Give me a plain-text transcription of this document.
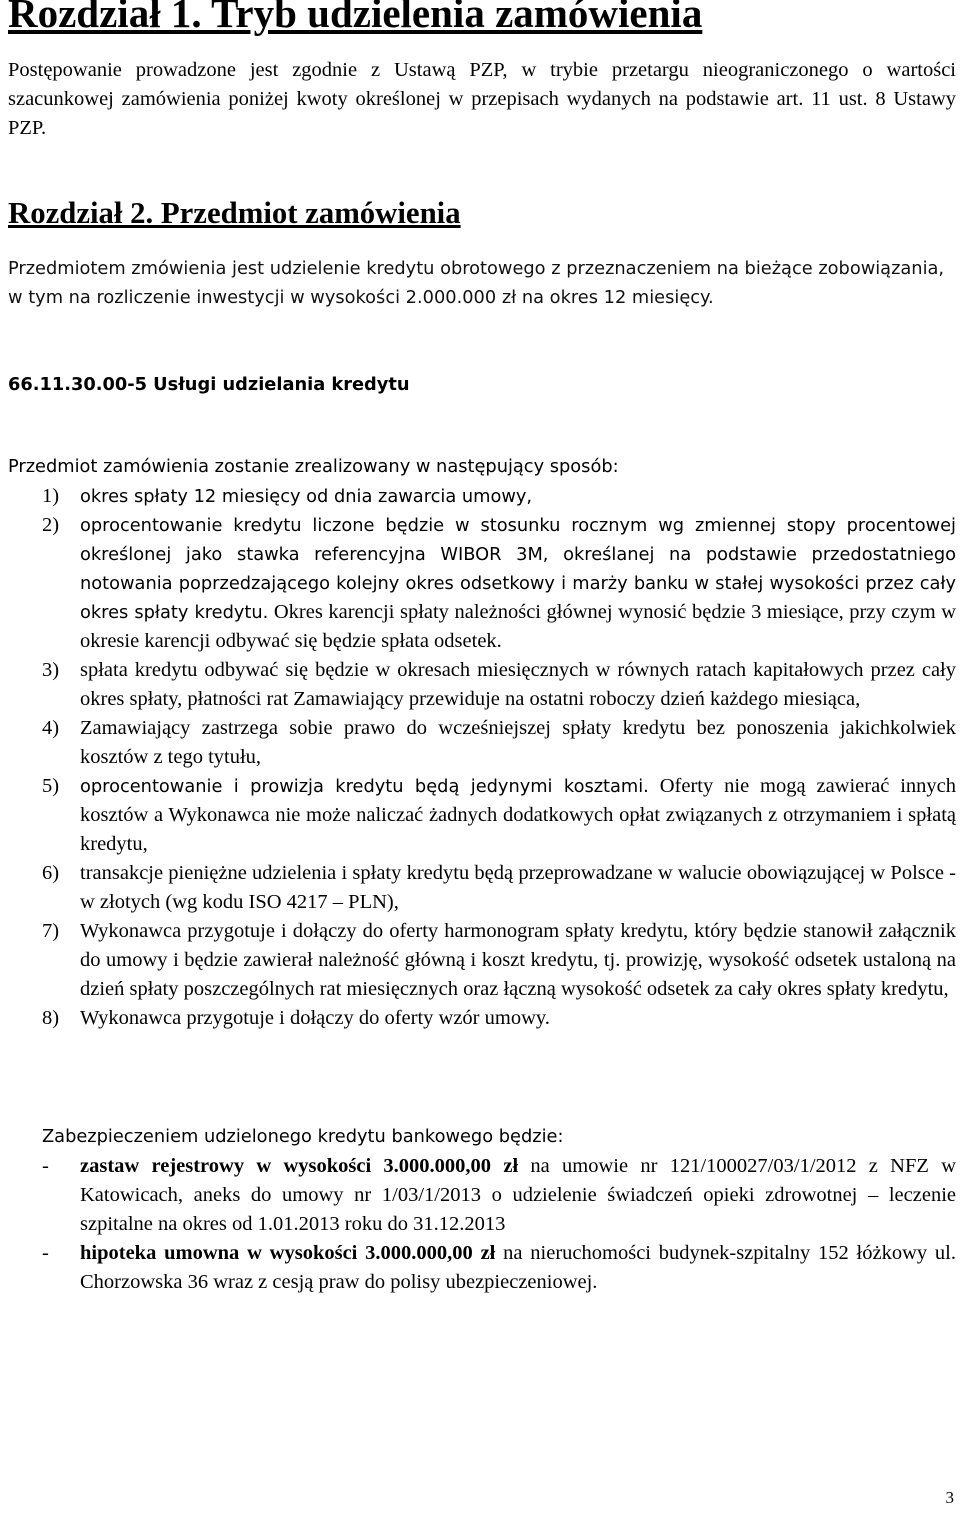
Rozdział 1. Tryb udzielenia zamówienia

Postępowanie prowadzone jest zgodnie z Ustawą PZP, w trybie przetargu nieograniczonego o wartości szacunkowej zamówienia poniżej kwoty określonej w przepisach wydanych na podstawie art. 11 ust. 8 Ustawy PZP.

Rozdział 2. Przedmiot zamówienia

Przedmiotem zmówienia jest udzielenie kredytu obrotowego z przeznaczeniem na bieżące zobowiązania, w tym na rozliczenie inwestycji w wysokości 2.000.000 zł na okres 12 miesięcy.

66.11.30.00-5 Usługi udzielania kredytu

Przedmiot zamówienia zostanie zrealizowany w następujący sposób:

1) okres spłaty 12 miesięcy od dnia zawarcia umowy,
2) oprocentowanie kredytu liczone będzie w stosunku rocznym wg zmiennej stopy procentowej określonej jako stawka referencyjna WIBOR 3M, określanej na podstawie przedostatniego notowania poprzedzającego kolejny okres odsetkowy i marży banku w stałej wysokości przez cały okres spłaty kredytu. Okres karencji spłaty należności głównej wynosić będzie 3 miesiące, przy czym w okresie karencji odbywać się będzie spłata odsetek.
3) spłata kredytu odbywać się będzie w okresach miesięcznych w równych ratach kapitałowych przez cały okres spłaty, płatności rat Zamawiający przewiduje na ostatni roboczy dzień każdego miesiąca,
4) Zamawiający zastrzega sobie prawo do wcześniejszej spłaty kredytu bez ponoszenia jakichkolwiek kosztów z tego tytułu,
5) oprocentowanie i prowizja kredytu będą jedynymi kosztami. Oferty nie mogą zawierać innych kosztów a Wykonawca nie może naliczać żadnych dodatkowych opłat związanych z otrzymaniem i spłatą kredytu,
6) transakcje pieniężne udzielenia i spłaty kredytu będą przeprowadzane w walucie obowiązującej w Polsce - w złotych (wg kodu ISO 4217 – PLN),
7) Wykonawca przygotuje i dołączy do oferty harmonogram spłaty kredytu, który będzie stanowił załącznik do umowy i będzie zawierał należność główną i koszt kredytu, tj. prowizję, wysokość odsetek ustaloną na dzień spłaty poszczególnych rat miesięcznych oraz łączną wysokość odsetek za cały okres spłaty kredytu,
8) Wykonawca przygotuje i dołączy do oferty wzór umowy.

Zabezpieczeniem udzielonego kredytu bankowego będzie:

- zastaw rejestrowy w wysokości 3.000.000,00 zł na umowie nr 121/100027/03/1/2012 z NFZ w Katowicach, aneks do umowy nr 1/03/1/2013 o udzielenie świadczeń opieki zdrowotnej – leczenie szpitalne na okres od 1.01.2013 roku do 31.12.2013
- hipoteka umowna w wysokości 3.000.000,00 zł na nieruchomości budynek-szpitalny 152 łóżkowy ul. Chorzowska 36 wraz z cesją praw do polisy ubezpieczeniowej.
3
